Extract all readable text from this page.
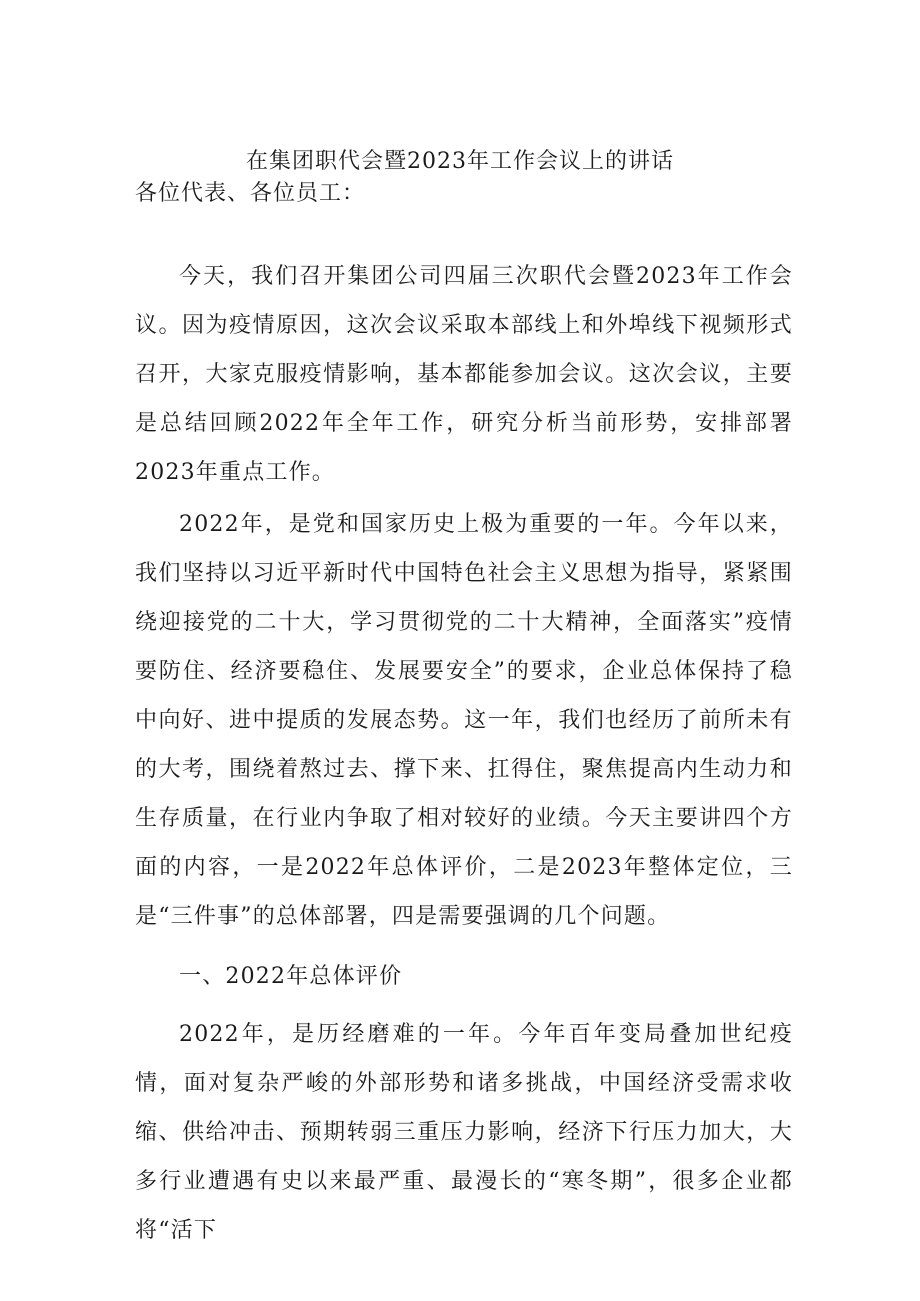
在集团职代会暨2023年工作会议上的讲话
各位代表、各位员工：

今天，我们召开集团公司四届三次职代会暨2023年工作会议。因为疫情原因，这次会议采取本部线上和外埠线下视频形式召开，大家克服疫情影响，基本都能参加会议。这次会议，主要是总结回顾2022年全年工作，研究分析当前形势，安排部署2023年重点工作。

2022年，是党和国家历史上极为重要的一年。今年以来，我们坚持以习近平新时代中国特色社会主义思想为指导，紧紧围绕迎接党的二十大，学习贯彻党的二十大精神，全面落实”疫情要防住、经济要稳住、发展要安全”的要求，企业总体保持了稳中向好、进中提质的发展态势。这一年，我们也经历了前所未有的大考，围绕着熬过去、撑下来、扛得住，聚焦提高内生动力和生存质量，在行业内争取了相对较好的业绩。今天主要讲四个方面的内容，一是2022年总体评价，二是2023年整体定位，三是“三件事”的总体部署，四是需要强调的几个问题。

一、2022年总体评价

2022年，是历经磨难的一年。今年百年变局叠加世纪疫情，面对复杂严峻的外部形势和诸多挑战，中国经济受需求收缩、供给冲击、预期转弱三重压力影响，经济下行压力加大，大多行业遭遇有史以来最严重、最漫长的“寒冬期”，很多企业都将“活下
